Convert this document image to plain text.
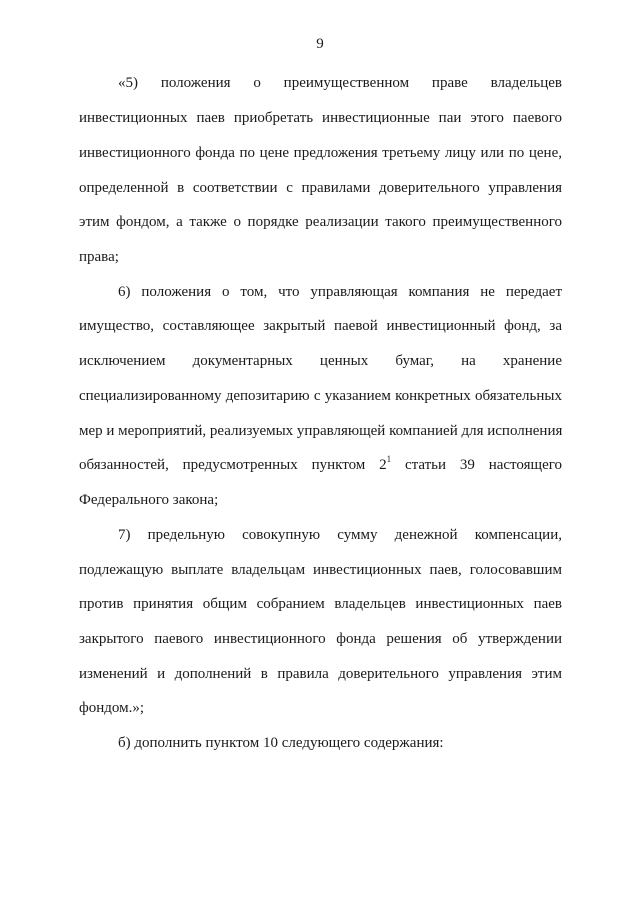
9
«5) положения о преимущественном праве владельцев
инвестиционных паев приобретать инвестиционные паи этого паевого
инвестиционного фонда по цене предложения третьему лицу или по цене,
определенной в соответствии с правилами доверительного управления
этим фондом, а также о порядке реализации такого преимущественного
права;
6) положения о том, что управляющая компания не передает
имущество, составляющее закрытый паевой инвестиционный фонд, за
исключением документарных ценных бумаг, на хранение
специализированному депозитарию с указанием конкретных обязательных
мер и мероприятий, реализуемых управляющей компанией для исполнения
обязанностей, предусмотренных пунктом $2^1$ статьи 39 настоящего
Федерального закона;
7) предельную совокупную сумму денежной компенсации,
подлежащую выплате владельцам инвестиционных паев, голосовавшим
против принятия общим собранием владельцев инвестиционных паев
закрытого паевого инвестиционного фонда решения об утверждении
изменений и дополнений в правила доверительного управления этим
фондом.»;
б) дополнить пунктом 10 следующего содержания:
